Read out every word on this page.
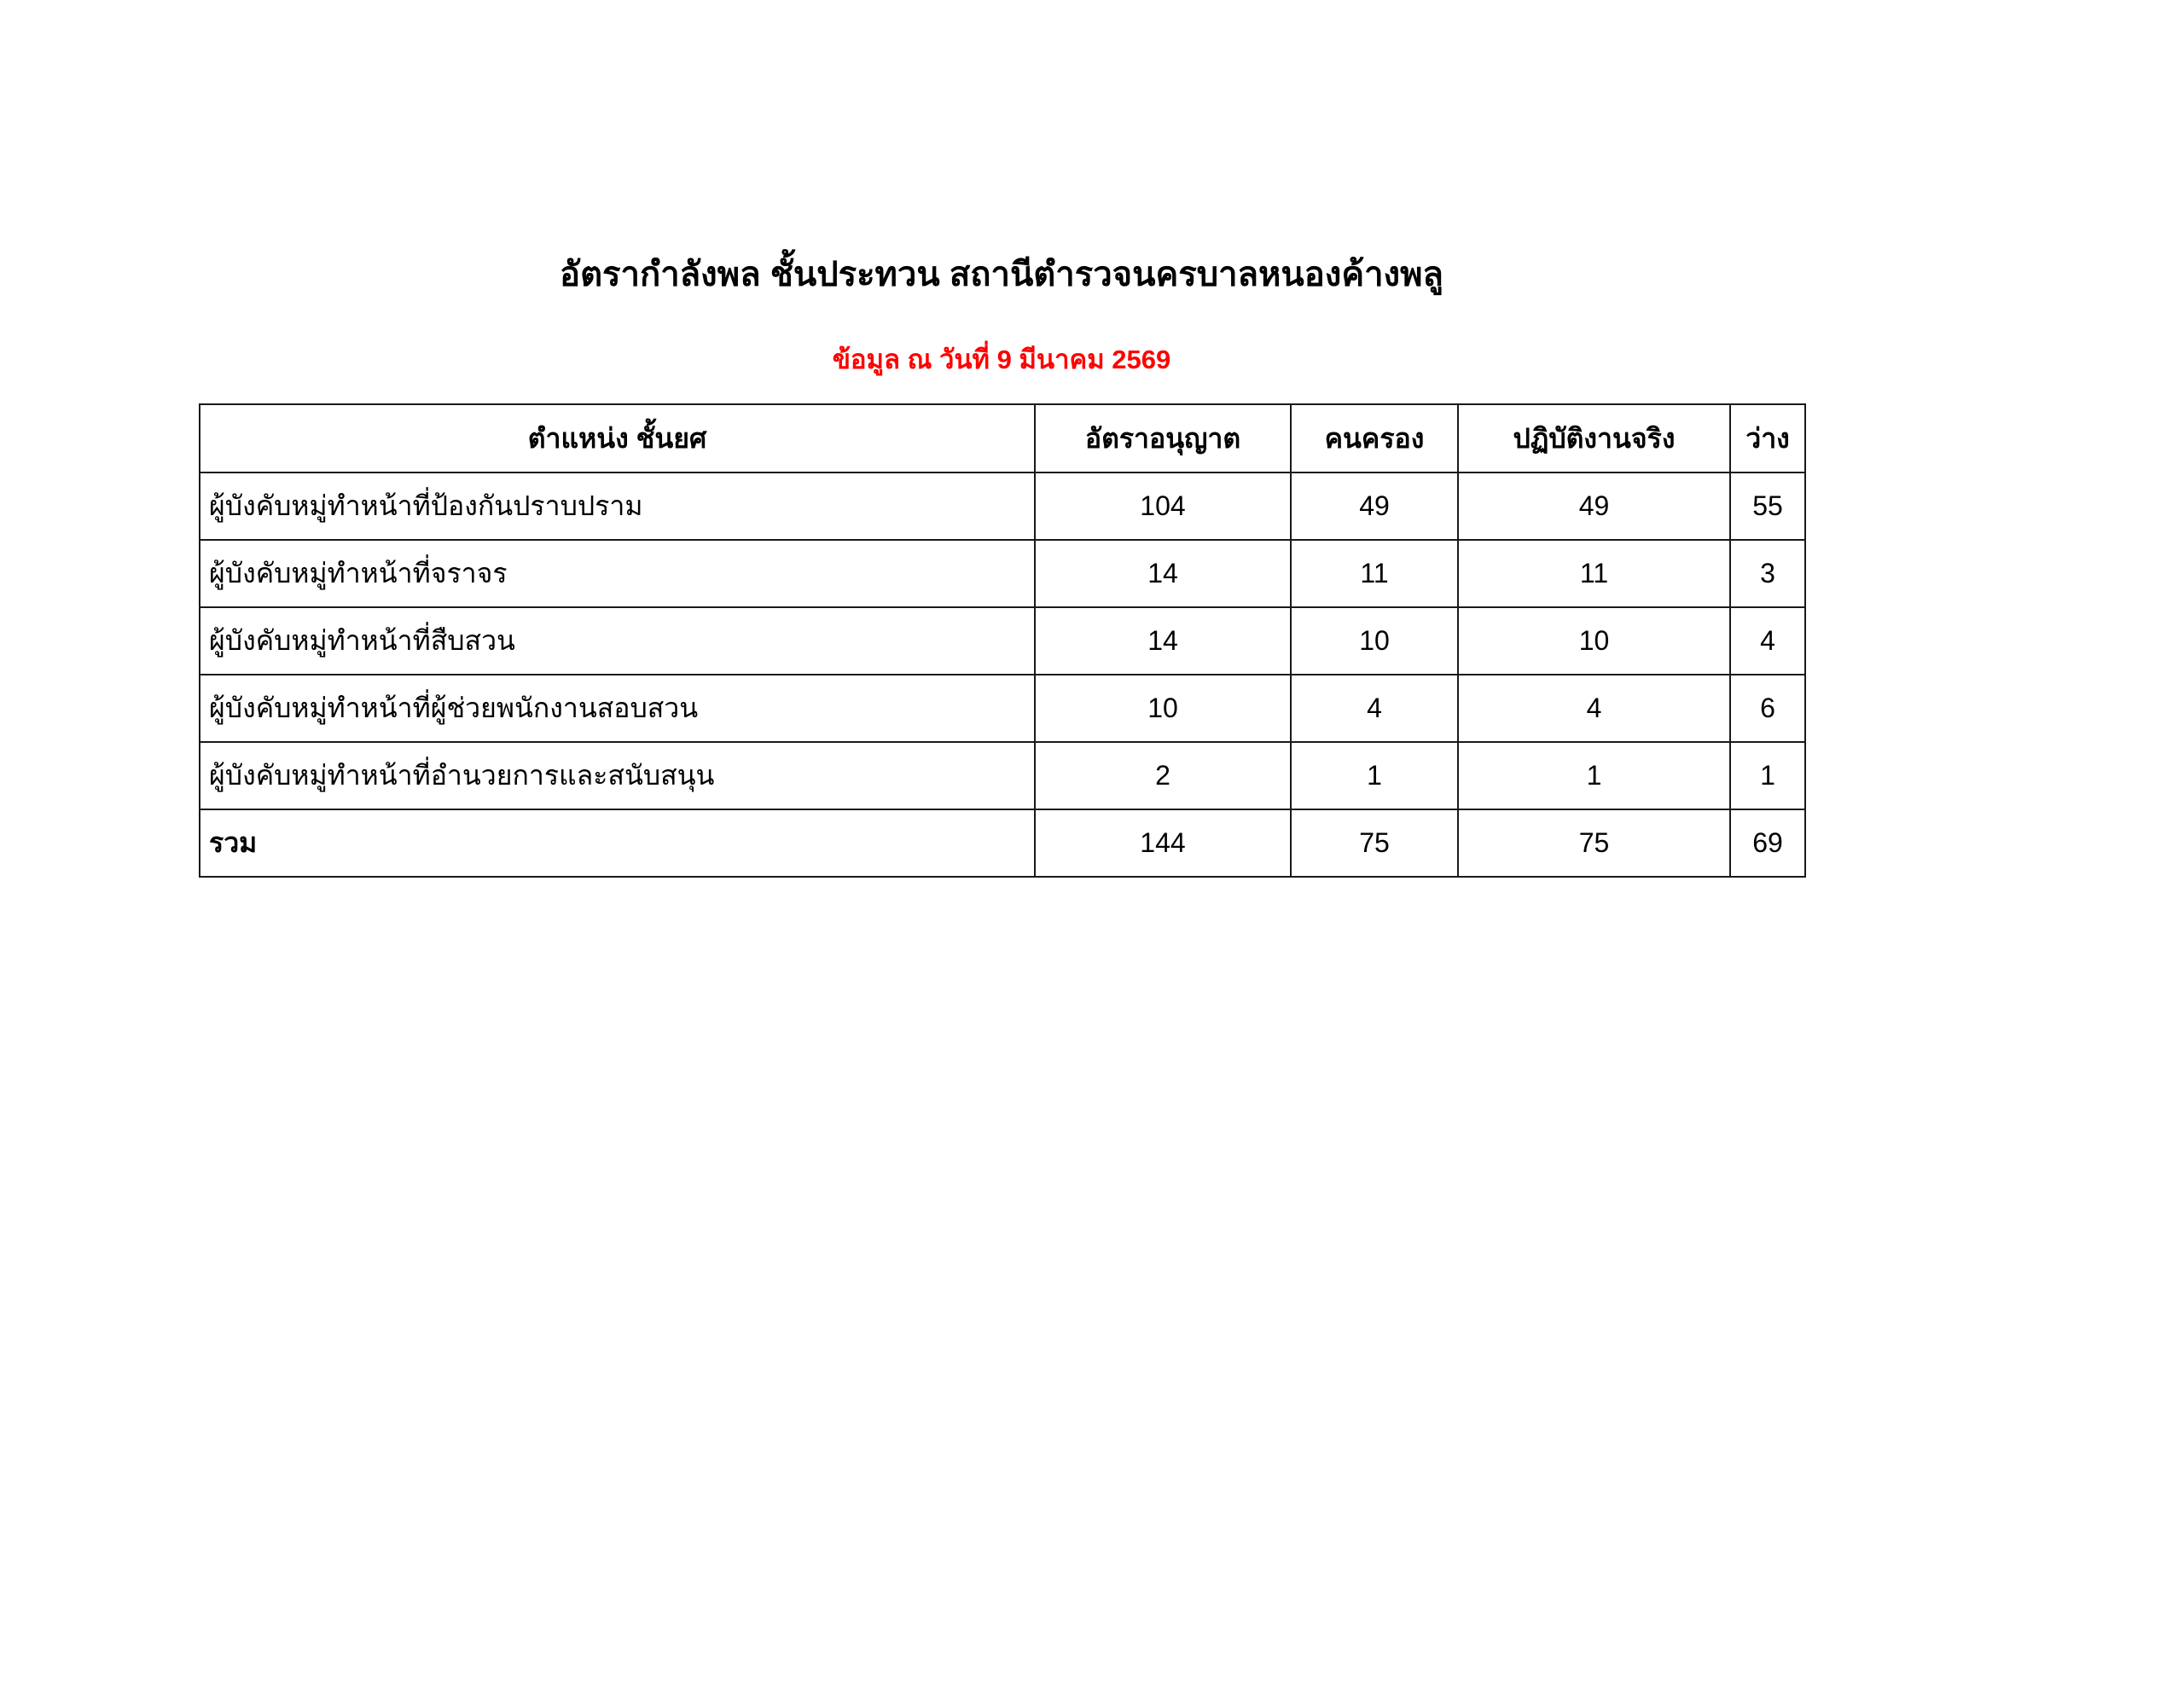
อัตรากำลังพล ชั้นประทวน สถานีตำรวจนครบาลหนองค้างพลู
ข้อมูล ณ วันที่ 9 มีนาคม 2569
ตำแหน่ง ชั้นยศ	อัตราอนุญาต	คนครอง	ปฏิบัติงานจริง	ว่าง
ผู้บังคับหมู่ทำหน้าที่ป้องกันปราบปราม	104	49	49	55
ผู้บังคับหมู่ทำหน้าที่จราจร	14	11	11	3
ผู้บังคับหมู่ทำหน้าที่สืบสวน	14	10	10	4
ผู้บังคับหมู่ทำหน้าที่ผู้ช่วยพนักงานสอบสวน	10	4	4	6
ผู้บังคับหมู่ทำหน้าที่อำนวยการและสนับสนุน	2	1	1	1
รวม	144	75	75	69
